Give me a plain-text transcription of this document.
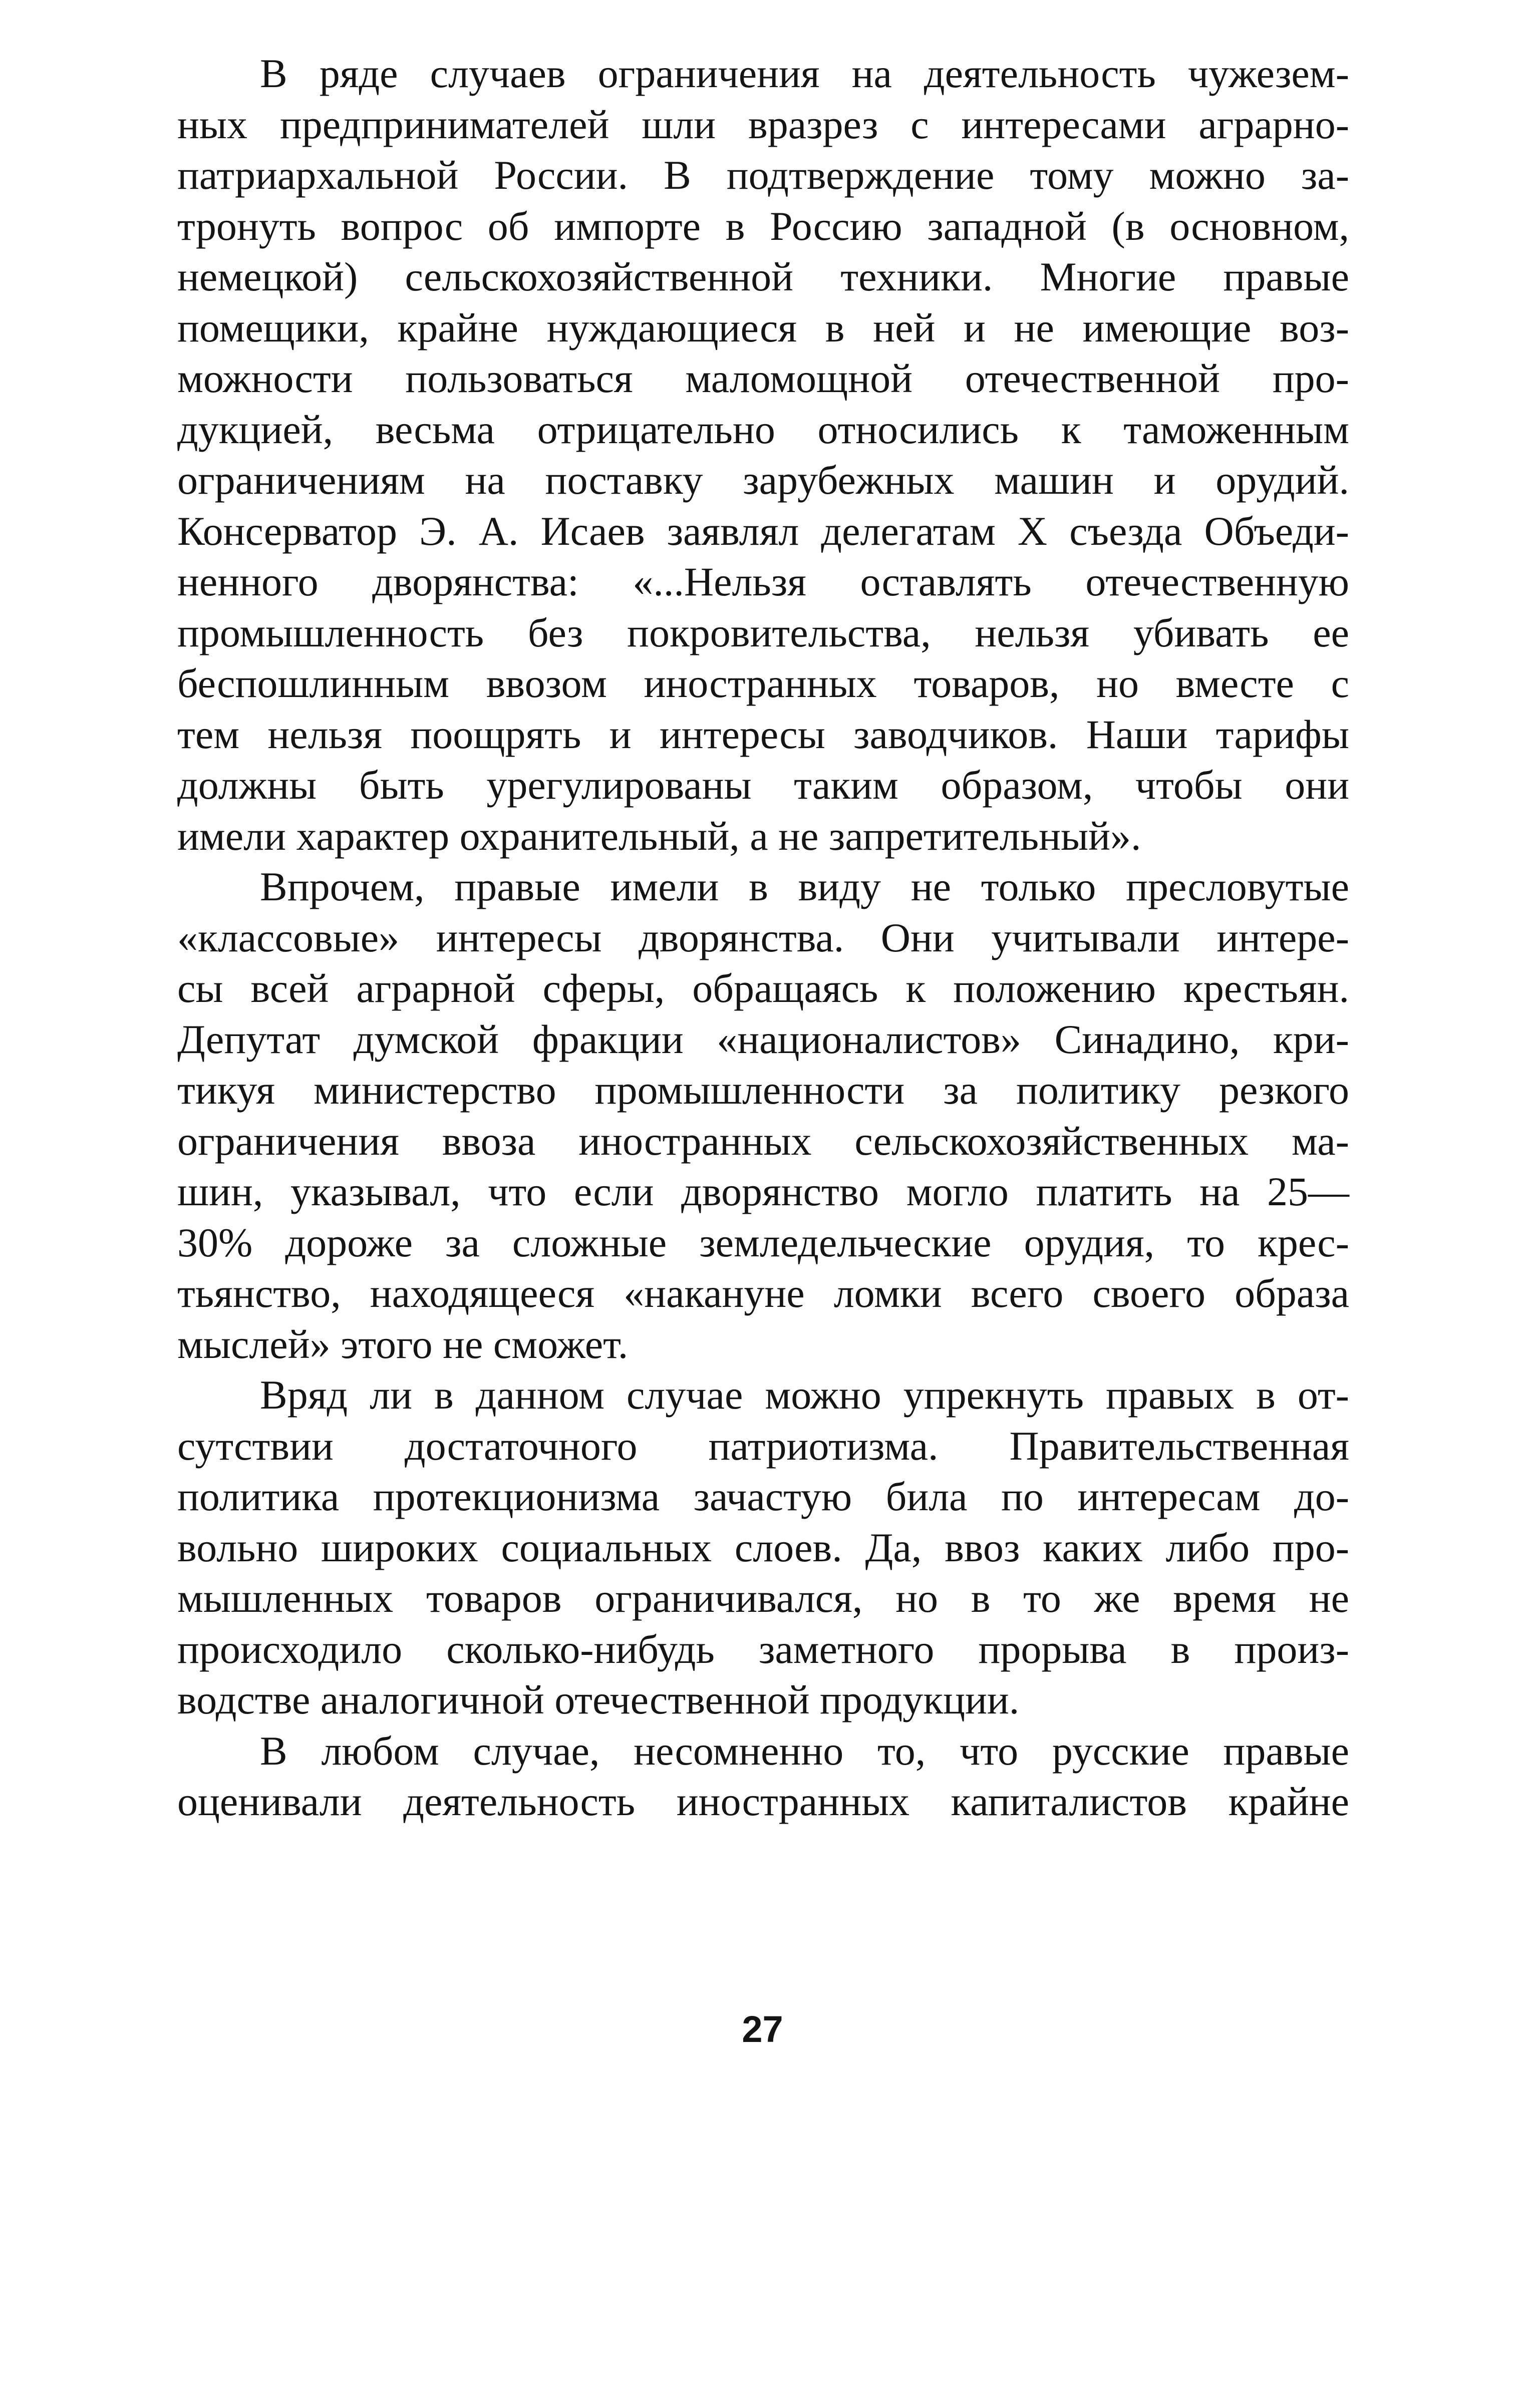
В ряде случаев ограничения на деятельность чужезем-
ных предпринимателей шли вразрез с интересами аграрно-
патриархальной России. В подтверждение тому можно за-
тронуть вопрос об импорте в Россию западной (в основном,
немецкой) сельскохозяйственной техники. Многие правые
помещики, крайне нуждающиеся в ней и не имеющие воз-
можности пользоваться маломощной отечественной про-
дукцией, весьма отрицательно относились к таможенным
ограничениям на поставку зарубежных машин и орудий.
Консерватор Э. А. Исаев заявлял делегатам X съезда Объеди-
ненного дворянства: «...Нельзя оставлять отечественную
промышленность без покровительства, нельзя убивать ее
беспошлинным ввозом иностранных товаров, но вместе с
тем нельзя поощрять и интересы заводчиков. Наши тарифы
должны быть урегулированы таким образом, чтобы они
имели характер охранительный, а не запретительный».
Впрочем, правые имели в виду не только пресловутые
«классовые» интересы дворянства. Они учитывали интере-
сы всей аграрной сферы, обращаясь к положению крестьян.
Депутат думской фракции «националистов» Синадино, кри-
тикуя министерство промышленности за политику резкого
ограничения ввоза иностранных сельскохозяйственных ма-
шин, указывал, что если дворянство могло платить на 25—
30% дороже за сложные земледельческие орудия, то крес-
тьянство, находящееся «накануне ломки всего своего образа
мыслей» этого не сможет.
Вряд ли в данном случае можно упрекнуть правых в от-
сутствии достаточного патриотизма. Правительственная
политика протекционизма зачастую била по интересам до-
вольно широких социальных слоев. Да, ввоз каких либо про-
мышленных товаров ограничивался, но в то же время не
происходило сколько-нибудь заметного прорыва в произ-
водстве аналогичной отечественной продукции.
В любом случае, несомненно то, что русские правые
оценивали деятельность иностранных капиталистов крайне
27
